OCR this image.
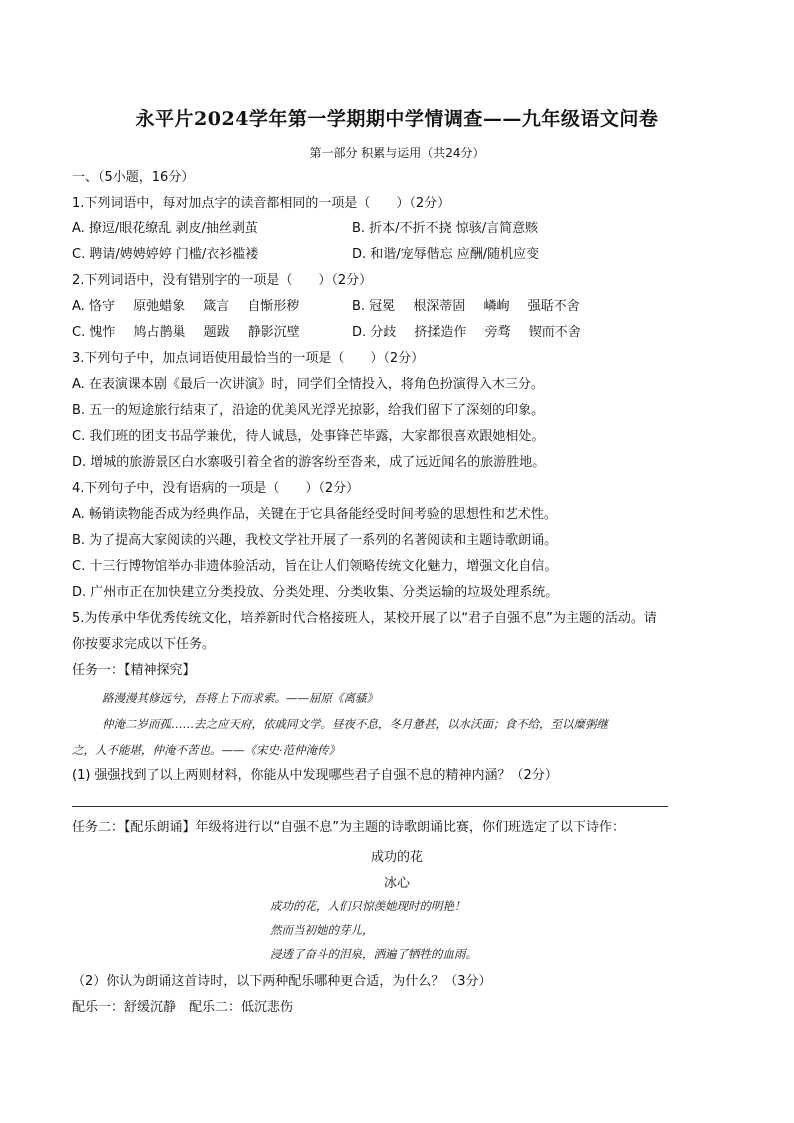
永平片2024学年第一学期期中学情调查——九年级语文问卷
第一部分 积累与运用（共24分）
一、（5小题，16分）
1.下列词语中，每对加点字的读音都相同的一项是（　　）（2分）
A. 撩逗/眼花缭乱 剥皮/抽丝剥茧	B. 折本/不折不挠 惊骇/言简意赅
C. 聘请/娉娉婷婷 门槛/衣衫褴褛	D. 和谐/宠辱偕忘 应酬/随机应变
2.下列词语中，没有错别字的一项是（　　）（2分）
A. 恪守 原弛蜡象 箴言 自惭形秽	B. 冠冕 根深蒂固 嶙峋 强聒不舍
C. 愧怍 鸠占鹊巢 题跋 静影沉壁	D. 分歧 挤揉造作 旁骛 锲而不舍
3.下列句子中，加点词语使用最恰当的一项是（　　）（2分）
A. 在表演课本剧《最后一次讲演》时，同学们全情投入，将角色扮演得入木三分。
B. 五一的短途旅行结束了，沿途的优美风光浮光掠影，给我们留下了深刻的印象。
C. 我们班的团支书品学兼优，待人诚恳，处事锋芒毕露，大家都很喜欢跟她相处。
D. 增城的旅游景区白水寨吸引着全省的游客纷至沓来，成了远近闻名的旅游胜地。
4.下列句子中，没有语病的一项是（　　）（2分）
A. 畅销读物能否成为经典作品，关键在于它具备能经受时间考验的思想性和艺术性。
B. 为了提高大家阅读的兴趣，我校文学社开展了一系列的名著阅读和主题诗歌朗诵。
C. 十三行博物馆举办非遗体验活动，旨在让人们领略传统文化魅力，增强文化自信。
D. 广州市正在加快建立分类投放、分类处理、分类收集、分类运输的垃圾处理系统。
5.为传承中华优秀传统文化，培养新时代合格接班人，某校开展了以“君子自强不息”为主题的活动。请
你按要求完成以下任务。
任务一：【精神探究】
路漫漫其修远兮，吾将上下而求索。——屈原《离骚》
仲淹二岁而孤……去之应天府，依戚同文学。昼夜不息，冬月惫甚，以水沃面；食不给，至以糜粥继
之，人不能堪，仲淹不苦也。——《宋史·范仲淹传》
(1) 强强找到了以上两则材料，你能从中发现哪些君子自强不息的精神内涵？（2分）
任务二：【配乐朗诵】年级将进行以“自强不息”为主题的诗歌朗诵比赛，你们班选定了以下诗作：
成功的花
冰心
成功的花，人们只惊羡她现时的明艳！
然而当初她的芽儿，
浸透了奋斗的泪泉，洒遍了牺牲的血雨。
（2）你认为朗诵这首诗时，以下两种配乐哪种更合适，为什么？（3分）
配乐一：舒缓沉静　配乐二：低沉悲伤
